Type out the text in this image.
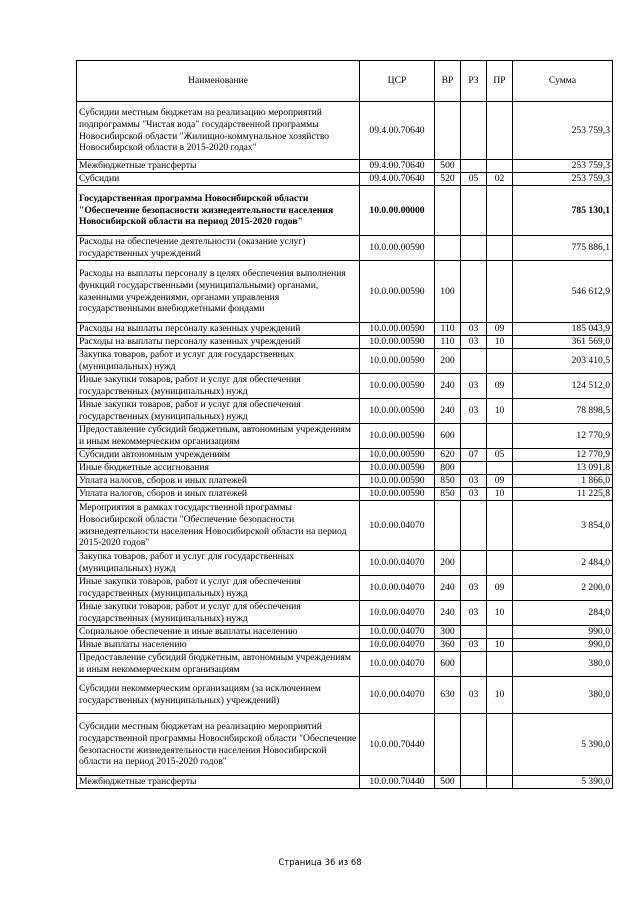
Наименование	ЦСР	ВР	РЗ	ПР	Сумма
Субсидии местным бюджетам на реализацию мероприятий подпрограммы "Чистая вода" государственной программы Новосибирской области "Жилищно-коммунальное хозяйство Новосибирской области в 2015-2020 годах"	09.4.00.70640				253 759,3
Межбюджетные трансферты	09.4.00.70640	500			253 759,3
Субсидии	09.4.00.70640	520	05	02	253 759,3
Государственная программа Новосибирской области "Обеспечение безопасности жизнедеятельности населения Новосибирской области на период 2015-2020 годов"	10.0.00.00000				785 130,1
Расходы на обеспечение деятельности (оказание услуг) государственных учреждений	10.0.00.00590				775 886,1
Расходы на выплаты персоналу в целях обеспечения выполнения функций государственными (муниципальными) органами, казенными учреждениями, органами управления государственными внебюджетными фондами	10.0.00.00590	100			546 612,9
Расходы на выплаты персоналу казенных учреждений	10.0.00.00590	110	03	09	185 043,9
Расходы на выплаты персоналу казенных учреждений	10.0.00.00590	110	03	10	361 569,0
Закупка товаров, работ и услуг для государственных (муниципальных) нужд	10.0.00.00590	200			203 410,5
Иные закупки товаров, работ и услуг для обеспечения государственных (муниципальных) нужд	10.0.00.00590	240	03	09	124 512,0
Иные закупки товаров, работ и услуг для обеспечения государственных (муниципальных) нужд	10.0.00.00590	240	03	10	78 898,5
Предоставление субсидий бюджетным, автономным учреждениям и иным некоммерческим организациям	10.0.00.00590	600			12 770,9
Субсидии автономным учреждениям	10.0.00.00590	620	07	05	12 770,9
Иные бюджетные ассигнования	10.0.00.00590	800			13 091,8
Уплата налогов, сборов и иных платежей	10.0.00.00590	850	03	09	1 866,0
Уплата налогов, сборов и иных платежей	10.0.00.00590	850	03	10	11 225,8
Мероприятия в рамках государственной программы Новосибирской области "Обеспечение безопасности жизнедеятельности населения Новосибирской области на период 2015-2020 годов"	10.0.00.04070				3 854,0
Закупка товаров, работ и услуг для государственных (муниципальных) нужд	10.0.00.04070	200			2 484,0
Иные закупки товаров, работ и услуг для обеспечения государственных (муниципальных) нужд	10.0.00.04070	240	03	09	2 200,0
Иные закупки товаров, работ и услуг для обеспечения государственных (муниципальных) нужд	10.0.00.04070	240	03	10	284,0
Социальное обеспечение и иные выплаты населению	10.0.00.04070	300			990,0
Иные выплаты населению	10.0.00.04070	360	03	10	990,0
Предоставление субсидий бюджетным, автономным учреждениям и иным некоммерческим организациям	10.0.00.04070	600			380,0
Субсидии некоммерческим организациям (за исключением государственных (муниципальных) учреждений)	10.0.00.04070	630	03	10	380,0
Субсидии местным бюджетам на реализацию мероприятий государственной программы Новосибирской области "Обеспечение безопасности жизнедеятельности населения Новосибирской области на период 2015-2020 годов"	10.0.00.70440				5 390,0
Межбюджетные трансферты	10.0.00.70440	500			5 390,0
Страница 36 из 68
